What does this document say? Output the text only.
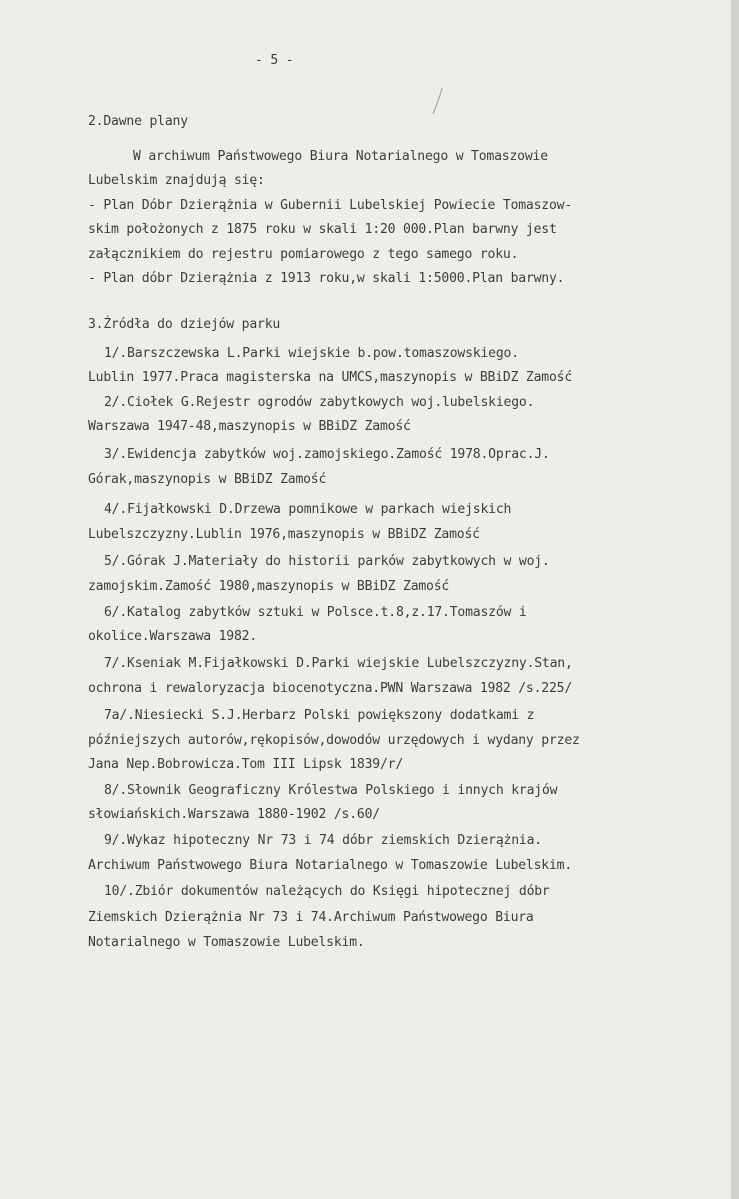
- 5 -
2.Dawne plany
W archiwum Państwowego Biura Notarialnego w Tomaszowie
Lubelskim znajdują się:
- Plan Dóbr Dzierążnia w Gubernii Lubelskiej Powiecie Tomaszow-
skim położonych z 1875 roku w skali 1:20 000.Plan barwny jest
załącznikiem do rejestru pomiarowego z tego samego roku.
- Plan dóbr Dzierążnia z 1913 roku,w skali 1:5000.Plan barwny.
3.Źródła do dziejów parku
1/.Barszczewska L.Parki wiejskie b.pow.tomaszowskiego.
Lublin 1977.Praca magisterska na UMCS,maszynopis w BBiDZ Zamość
2/.Ciołek G.Rejestr ogrodów zabytkowych woj.lubelskiego.
Warszawa 1947-48,maszynopis w BBiDZ Zamość
3/.Ewidencja zabytków woj.zamojskiego.Zamość 1978.Oprac.J.
Górak,maszynopis w BBiDZ Zamość
4/.Fijałkowski D.Drzewa pomnikowe w parkach wiejskich
Lubelszczyzny.Lublin 1976,maszynopis w BBiDZ Zamość
5/.Górak J.Materiały do historii parków zabytkowych w woj.
zamojskim.Zamość 1980,maszynopis w BBiDZ Zamość
6/.Katalog zabytków sztuki w Polsce.t.8,z.17.Tomaszów i
okolice.Warszawa 1982.
7/.Kseniak M.Fijałkowski D.Parki wiejskie Lubelszczyzny.Stan,
ochrona i rewaloryzacja biocenotyczna.PWN Warszawa 1982 /s.225/
7a/.Niesiecki S.J.Herbarz Polski powiększony dodatkami z
późniejszych autorów,rękopisów,dowodów urzędowych i wydany przez
Jana Nep.Bobrowicza.Tom III Lipsk 1839/r/
8/.Słownik Geograficzny Królestwa Polskiego i innych krajów
słowiańskich.Warszawa 1880-1902 /s.60/
9/.Wykaz hipoteczny Nr 73 i 74 dóbr ziemskich Dzierążnia.
Archiwum Państwowego Biura Notarialnego w Tomaszowie Lubelskim.
10/.Zbiór dokumentów należących do Księgi hipotecznej dóbr
Ziemskich Dzierążnia Nr 73 i 74.Archiwum Państwowego Biura
Notarialnego w Tomaszowie Lubelskim.
